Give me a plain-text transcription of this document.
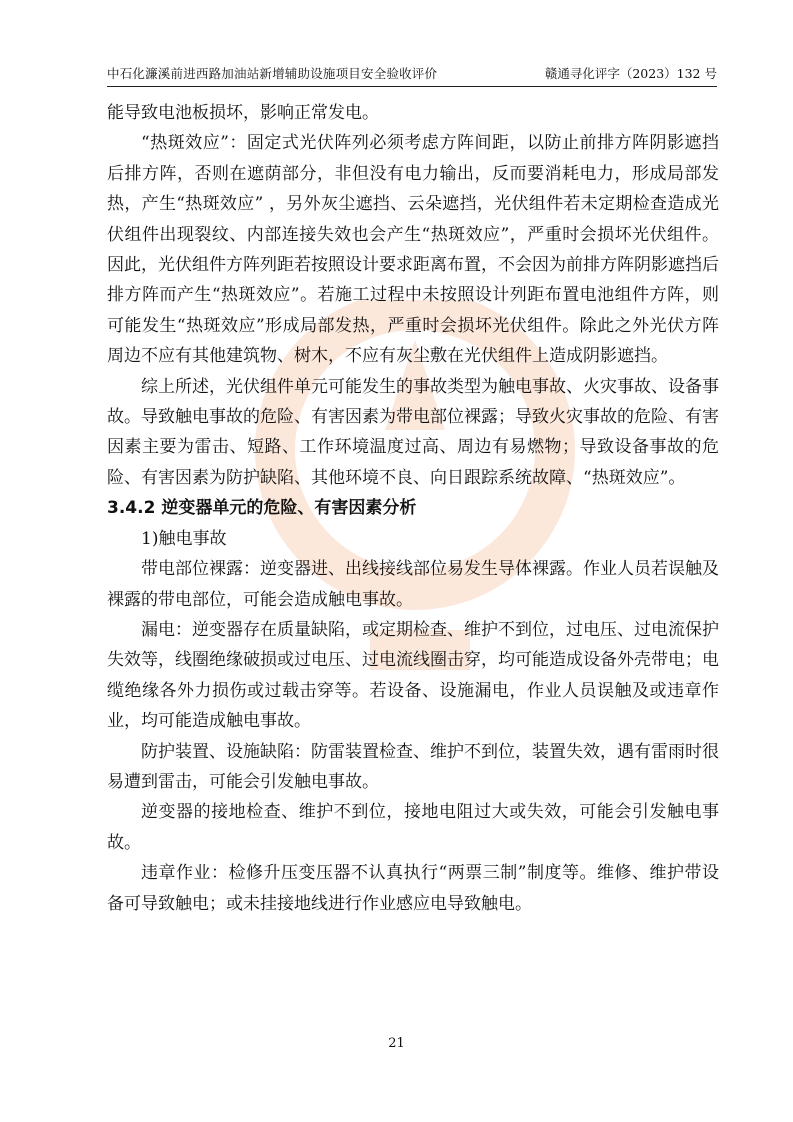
中石化濂溪前进西路加油站新增辅助设施项目安全验收评价	赣通寻化评字（2023）132 号

能导致电池板损坏，影响正常发电。

“热斑效应”：固定式光伏阵列必须考虑方阵间距，以防止前排方阵阴影遮挡后排方阵，否则在遮荫部分，非但没有电力输出，反而要消耗电力，形成局部发热，产生“热斑效应” ，另外灰尘遮挡、云朵遮挡，光伏组件若未定期检查造成光伏组件出现裂纹、内部连接失效也会产生“热斑效应”，严重时会损坏光伏组件。因此，光伏组件方阵列距若按照设计要求距离布置，不会因为前排方阵阴影遮挡后排方阵而产生“热斑效应”。若施工过程中未按照设计列距布置电池组件方阵，则可能发生“热斑效应”形成局部发热，严重时会损坏光伏组件。除此之外光伏方阵周边不应有其他建筑物、树木，不应有灰尘敷在光伏组件上造成阴影遮挡。

综上所述，光伏组件单元可能发生的事故类型为触电事故、火灾事故、设备事故。导致触电事故的危险、有害因素为带电部位裸露；导致火灾事故的危险、有害因素主要为雷击、短路、工作环境温度过高、周边有易燃物；导致设备事故的危险、有害因素为防护缺陷、其他环境不良、向日跟踪系统故障、“热斑效应”。

3.4.2 逆变器单元的危险、有害因素分析

1)触电事故

带电部位裸露：逆变器进、出线接线部位易发生导体裸露。作业人员若误触及裸露的带电部位，可能会造成触电事故。

漏电：逆变器存在质量缺陷，或定期检查、维护不到位，过电压、过电流保护失效等，线圈绝缘破损或过电压、过电流线圈击穿，均可能造成设备外壳带电；电缆绝缘各外力损伤或过载击穿等。若设备、设施漏电，作业人员误触及或违章作业，均可能造成触电事故。

防护装置、设施缺陷：防雷装置检查、维护不到位，装置失效，遇有雷雨时很易遭到雷击，可能会引发触电事故。

逆变器的接地检查、维护不到位，接地电阻过大或失效，可能会引发触电事故。

违章作业：检修升压变压器不认真执行“两票三制”制度等。维修、维护带设备可导致触电；或未挂接地线进行作业感应电导致触电。

21
